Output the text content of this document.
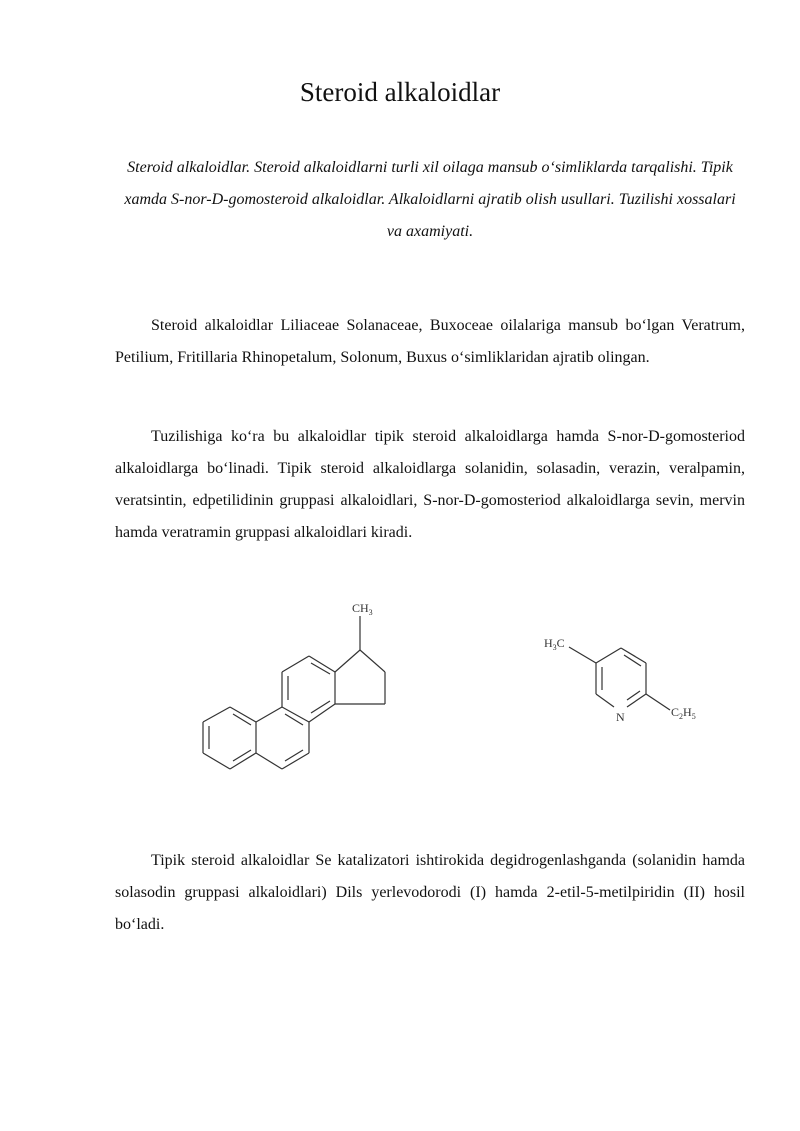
Steroid alkaloidlar

Steroid alkaloidlar. Steroid alkaloidlarni turli xil oilaga mansub o‘simliklarda tarqalishi. Tipik xamda S-nor-D-gomosteroid alkaloidlar. Alkaloidlarni ajratib olish usullari. Tuzilishi xossalari va axamiyati.

Steroid alkaloidlar Liliaceae Solanaceae, Buxoceae oilalariga mansub bo‘lgan Veratrum, Petilium, Fritillaria Rhinopetalum, Solonum, Buxus o‘simliklaridan ajratib olingan.

Tuzilishiga ko‘ra bu alkaloidlar tipik steroid alkaloidlarga hamda S-nor-D-gomosteriod alkaloidlarga bo‘linadi. Tipik steroid alkaloidlarga solanidin, solasadin, verazin, veralpamin, veratsintin, edpetilidinin gruppasi alkaloidlari, S-nor-D-gomosteriod alkaloidlarga sevin, mervin hamda veratramin gruppasi alkaloidlari kiradi.

$CH_3$
$H_3C$
N	$C_2H_5$

Tipik steroid alkaloidlar Se katalizatori ishtirokida degidrogenlashganda (solanidin hamda solasodin gruppasi alkaloidlari) Dils yerlevodorodi (I) hamda 2-etil-5-metilpiridin (II) hosil bo‘ladi.
